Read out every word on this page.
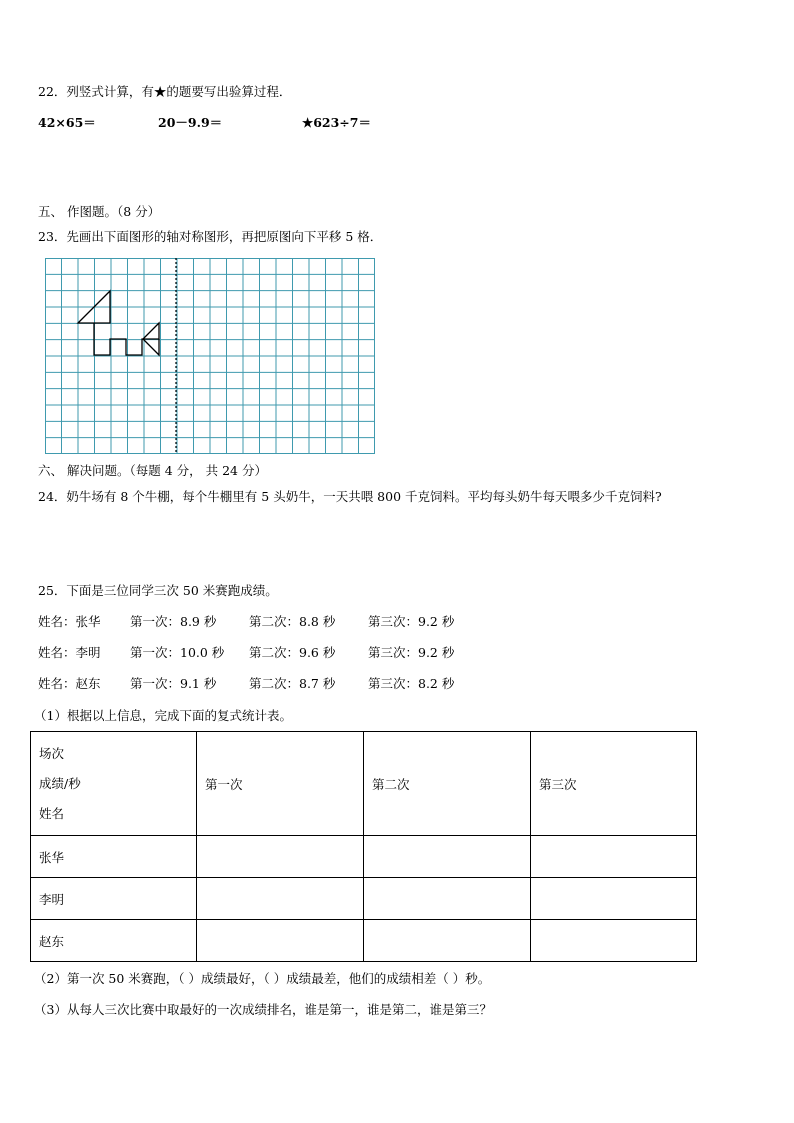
22．列竖式计算，有★的题要写出验算过程．
42×65＝	20－9.9＝	★623÷7＝
五、 作图题。（8 分）
23．先画出下面图形的轴对称图形，再把原图向下平移 5 格．
六、 解决问题。（每题 4 分， 共 24 分）
24．奶牛场有 8 个牛棚，每个牛棚里有 5 头奶牛，一天共喂 800 千克饲料。平均每头奶牛每天喂多少千克饲料?
25．下面是三位同学三次 50 米赛跑成绩。
姓名：张华 第一次：8.9 秒	第二次：8.8 秒	第三次：9.2 秒
姓名：李明 第一次：10.0 秒 第二次：9.6 秒	第三次：9.2 秒
姓名：赵东 第一次：9.1 秒	第二次：8.7 秒	第三次：8.2 秒
（1）根据以上信息，完成下面的复式统计表。
场次
成绩/秒
姓名	第一次	第二次	第三次
张华			
李明			
赵东			
（2）第一次 50 米赛跑，（ ）成绩最好，（ ）成绩最差，他们的成绩相差（ ）秒。
（3）从每人三次比赛中取最好的一次成绩排名，谁是第一，谁是第二，谁是第三？
